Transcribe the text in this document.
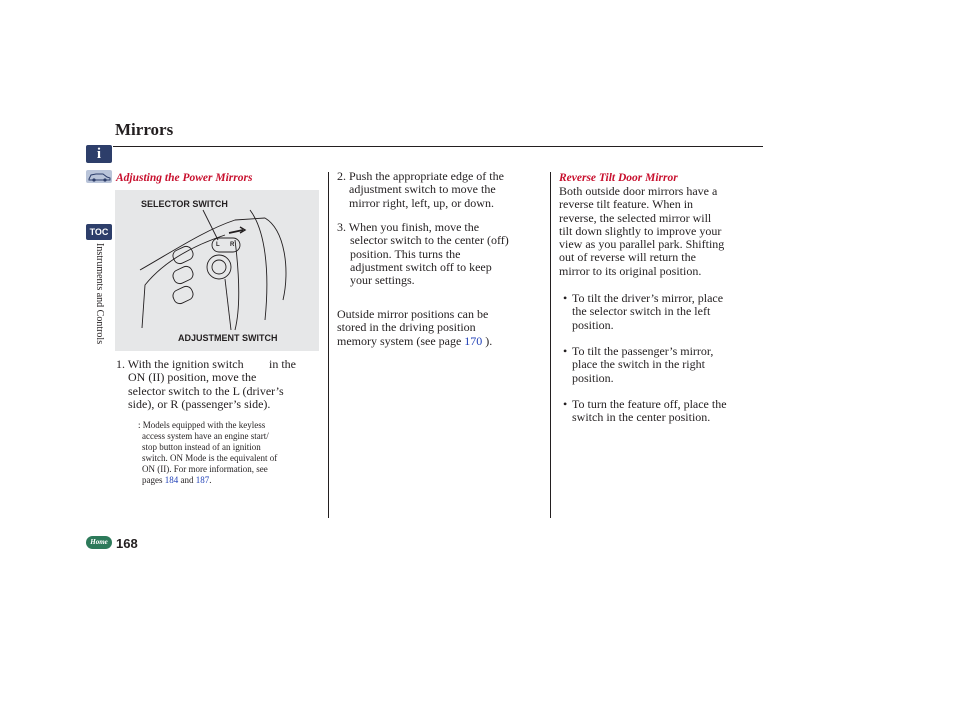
Mirrors
i
TOC
Instruments and Controls
Home 168
Adjusting the Power Mirrors
SELECTOR SWITCH
ADJUSTMENT SWITCH
L R
1. With the ignition switch in the
ON (II) position, move the
selector switch to the L (driver’s
side), or R (passenger’s side).
: Models equipped with the keyless
access system have an engine start/
stop button instead of an ignition
switch. ON Mode is the equivalent of
ON (II). For more information, see
pages 184 and 187.
2. Push the appropriate edge of the
adjustment switch to move the
mirror right, left, up, or down.
3. When you finish, move the
selector switch to the center (off)
position. This turns the
adjustment switch off to keep
your settings.
Outside mirror positions can be
stored in the driving position
memory system (see page 170 ).
Reverse Tilt Door Mirror
Both outside door mirrors have a
reverse tilt feature. When in
reverse, the selected mirror will
tilt down slightly to improve your
view as you parallel park. Shifting
out of reverse will return the
mirror to its original position.
• To tilt the driver’s mirror, place
the selector switch in the left
position.
• To tilt the passenger’s mirror,
place the switch in the right
position.
• To turn the feature off, place the
switch in the center position.
